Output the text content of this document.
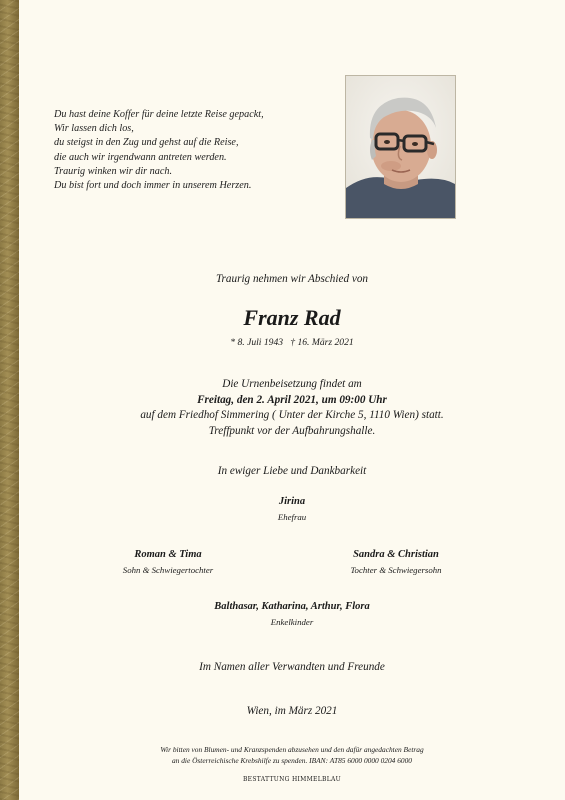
Du hast deine Koffer für deine letzte Reise gepackt,
Wir lassen dich los,
du steigst in den Zug und gehst auf die Reise,
die auch wir irgendwann antreten werden.
Traurig winken wir dir nach.
Du bist fort und doch immer in unserem Herzen.
Traurig nehmen wir Abschied von
Franz Rad
* 8. Juli 1943   † 16. März 2021
Die Urnenbeisetzung findet am
Freitag, den 2. April 2021, um 09:00 Uhr
auf dem Friedhof Simmering ( Unter der Kirche 5, 1110 Wien) statt.
Treffpunkt vor der Aufbahrungshalle.
In ewiger Liebe und Dankbarkeit
Jirina
Ehefrau
Roman & Tima
Sohn & Schwiegertochter
Sandra & Christian
Tochter & Schwiegersohn
Balthasar, Katharina, Arthur, Flora
Enkelkinder
Im Namen aller Verwandten und Freunde
Wien, im März 2021
Wir bitten von Blumen- und Kranzspenden abzusehen und den dafür angedachten Betrag
an die Österreichische Krebshilfe zu spenden. IBAN: AT85 6000 0000 0204 6000
BESTATTUNG HIMMELBLAU
